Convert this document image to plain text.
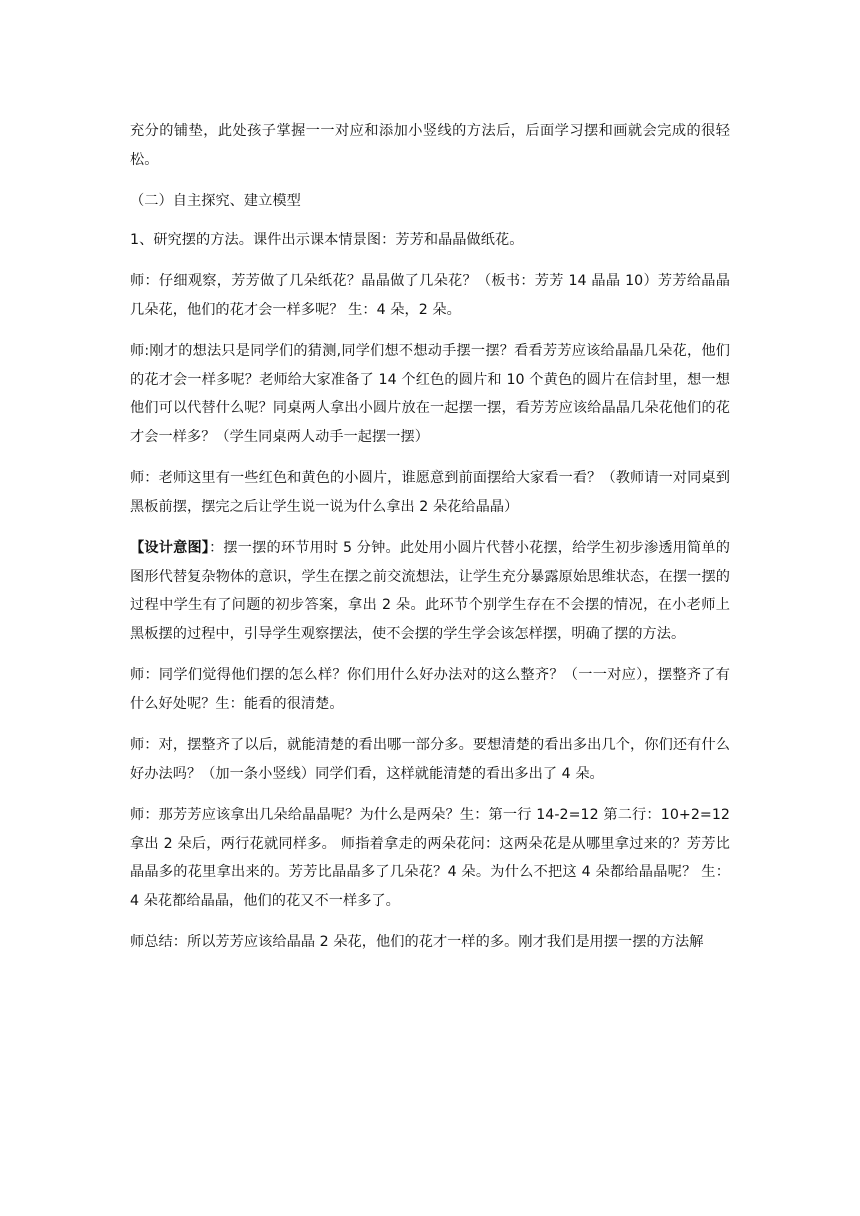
充分的铺垫，此处孩子掌握一一对应和添加小竖线的方法后，后面学习摆和画就会完成的很轻松。

（二）自主探究、建立模型

1、研究摆的方法。课件出示课本情景图：芳芳和晶晶做纸花。

师：仔细观察，芳芳做了几朵纸花？晶晶做了几朵花？（板书：芳芳 14 晶晶 10）芳芳给晶晶几朵花，他们的花才会一样多呢？ 生：4 朵，2 朵。

师:刚才的想法只是同学们的猜测,同学们想不想动手摆一摆？看看芳芳应该给晶晶几朵花，他们的花才会一样多呢？老师给大家准备了 14 个红色的圆片和 10 个黄色的圆片在信封里，想一想他们可以代替什么呢？同桌两人拿出小圆片放在一起摆一摆，看芳芳应该给晶晶几朵花他们的花才会一样多？（学生同桌两人动手一起摆一摆）

师：老师这里有一些红色和黄色的小圆片，谁愿意到前面摆给大家看一看？（教师请一对同桌到黑板前摆，摆完之后让学生说一说为什么拿出 2 朵花给晶晶）

【设计意图】：摆一摆的环节用时 5 分钟。此处用小圆片代替小花摆，给学生初步渗透用简单的图形代替复杂物体的意识，学生在摆之前交流想法，让学生充分暴露原始思维状态，在摆一摆的过程中学生有了问题的初步答案，拿出 2 朵。此环节个别学生存在不会摆的情况，在小老师上黑板摆的过程中，引导学生观察摆法，使不会摆的学生学会该怎样摆，明确了摆的方法。

师：同学们觉得他们摆的怎么样？你们用什么好办法对的这么整齐？（一一对应），摆整齐了有什么好处呢？生：能看的很清楚。

师：对，摆整齐了以后，就能清楚的看出哪一部分多。要想清楚的看出多出几个，你们还有什么好办法吗？（加一条小竖线）同学们看，这样就能清楚的看出多出了 4 朵。

师：那芳芳应该拿出几朵给晶晶呢？为什么是两朵？生：第一行 14-2=12 第二行：10+2=12 拿出 2 朵后，两行花就同样多。 师指着拿走的两朵花问：这两朵花是从哪里拿过来的？芳芳比晶晶多的花里拿出来的。芳芳比晶晶多了几朵花？4 朵。为什么不把这 4 朵都给晶晶呢？ 生：4 朵花都给晶晶，他们的花又不一样多了。

师总结：所以芳芳应该给晶晶 2 朵花，他们的花才一样的多。刚才我们是用摆一摆的方法解
